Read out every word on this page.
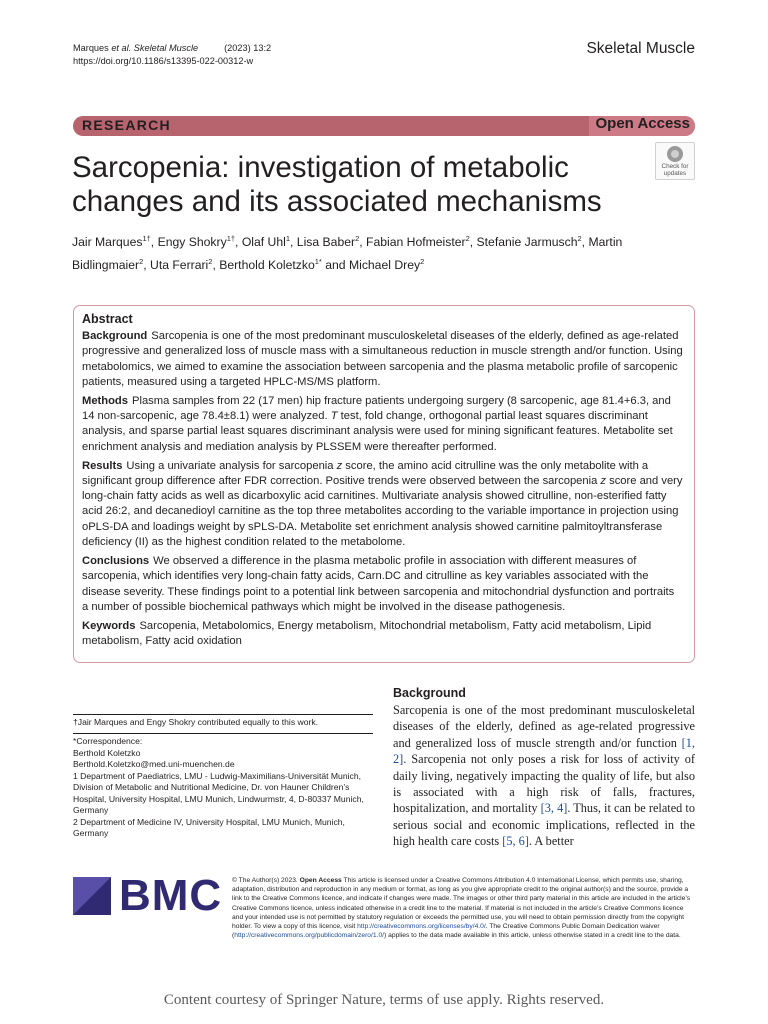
Marques et al. Skeletal Muscle	(2023) 13:2
https://doi.org/10.1186/s13395-022-00312-w
Skeletal Muscle
RESEARCH	Open Access
Sarcopenia: investigation of metabolic changes and its associated mechanisms
Check for
updates
Jair Marques$^{1\dagger}$, Engy Shokry$^{1\dagger}$, Olaf Uhl$^1$, Lisa Baber$^2$, Fabian Hofmeister$^2$, Stefanie Jarmusch$^2$, Martin Bidlingmaier$^2$, Uta Ferrari$^2$, Berthold Koletzko$^{1*}$ and Michael Drey$^2$
Abstract

Background Sarcopenia is one of the most predominant musculoskeletal diseases of the elderly, defined as age-related progressive and generalized loss of muscle mass with a simultaneous reduction in muscle strength and/or function. Using metabolomics, we aimed to examine the association between sarcopenia and the plasma metabolic profile of sarcopenic patients, measured using a targeted HPLC-MS/MS platform.

Methods Plasma samples from 22 (17 men) hip fracture patients undergoing surgery (8 sarcopenic, age 81.4+6.3, and 14 non-sarcopenic, age 78.4±8.1) were analyzed. T test, fold change, orthogonal partial least squares discriminant analysis, and sparse partial least squares discriminant analysis were used for mining significant features. Metabolite set enrichment analysis and mediation analysis by PLSSEM were thereafter performed.

Results Using a univariate analysis for sarcopenia z score, the amino acid citrulline was the only metabolite with a significant group difference after FDR correction. Positive trends were observed between the sarcopenia z score and very long-chain fatty acids as well as dicarboxylic acid carnitines. Multivariate analysis showed citrulline, non-esterified fatty acid 26:2, and decanedioyl carnitine as the top three metabolites according to the variable importance in projection using oPLS-DA and loadings weight by sPLS-DA. Metabolite set enrichment analysis showed carnitine palmitoyltransferase deficiency (II) as the highest condition related to the metabolome.

Conclusions We observed a difference in the plasma metabolic profile in association with different measures of sarcopenia, which identifies very long-chain fatty acids, Carn.DC and citrulline as key variables associated with the disease severity. These findings point to a potential link between sarcopenia and mitochondrial dysfunction and portraits a number of possible biochemical pathways which might be involved in the disease pathogenesis.

Keywords Sarcopenia, Metabolomics, Energy metabolism, Mitochondrial metabolism, Fatty acid metabolism, Lipid metabolism, Fatty acid oxidation

†Jair Marques and Engy Shokry contributed equally to this work.
*Correspondence:
Berthold Koletzko
Berthold.Koletzko@med.uni-muenchen.de
1 Department of Paediatrics, LMU - Ludwig-Maximilians-Universität Munich, Division of Metabolic and Nutritional Medicine, Dr. von Hauner Children’s Hospital, University Hospital, LMU Munich, Lindwurmstr, 4, D-80337 Munich, Germany
2 Department of Medicine IV, University Hospital, LMU Munich, Munich, Germany
Background
Sarcopenia is one of the most predominant musculoskeletal diseases of the elderly, defined as age-related progressive and generalized loss of muscle strength and/or function [1, 2]. Sarcopenia not only poses a risk for loss of activity of daily living, negatively impacting the quality of life, but also is associated with a high risk of falls, fractures, hospitalization, and mortality [3, 4]. Thus, it can be related to serious social and economic implications, reflected in the high health care costs [5, 6]. A better
BMC © The Author(s) 2023. Open Access This article is licensed under a Creative Commons Attribution 4.0 International License, which permits use, sharing, adaptation, distribution and reproduction in any medium or format, as long as you give appropriate credit to the original author(s) and the source, provide a link to the Creative Commons licence, and indicate if changes were made. The images or other third party material in this article are included in the article’s Creative Commons licence, unless indicated otherwise in a credit line to the material. If material is not included in the article’s Creative Commons licence and your intended use is not permitted by statutory regulation or exceeds the permitted use, you will need to obtain permission directly from the copyright holder. To view a copy of this licence, visit http://creativecommons.org/licenses/by/4.0/. The Creative Commons Public Domain Dedication waiver (http://creativecommons.org/publicdomain/zero/1.0/) applies to the data made available in this article, unless otherwise stated in a credit line to the data.
Content courtesy of Springer Nature, terms of use apply. Rights reserved.
